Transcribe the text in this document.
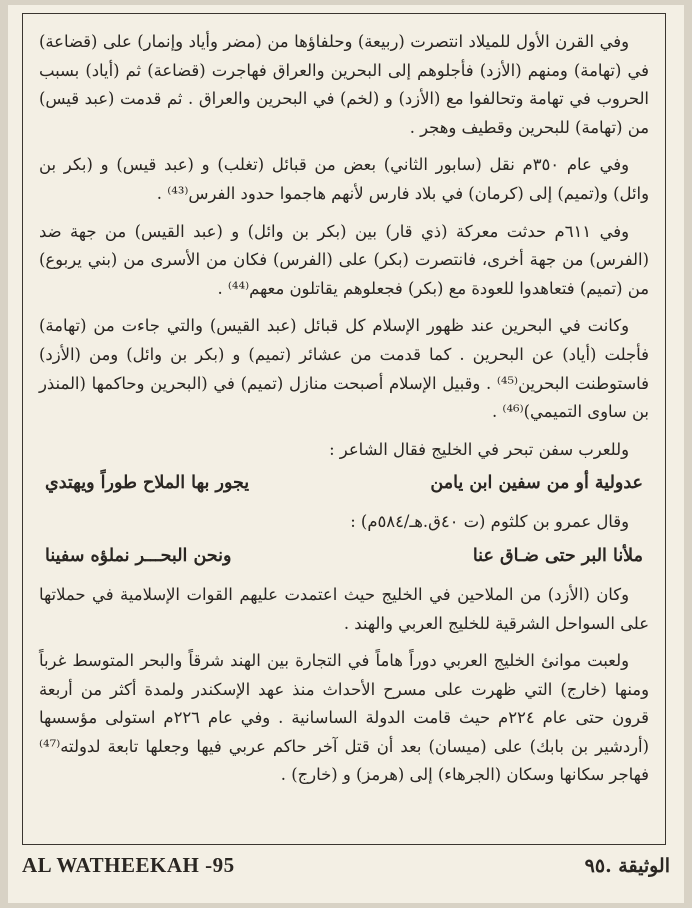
وفي القرن الأول للميلاد انتصرت (ربيعة) وحلفاؤها من (مضر وأياد وإنمار) على (قضاعة) في (تهامة) ومنهم (الأزد) فأجلوهم إلى البحرين والعراق فهاجرت (قضاعة) ثم (أياد) بسبب الحروب في تهامة وتحالفوا مع (الأزد) و (لخم) في البحرين والعراق . ثم قدمت (عبد قيس) من (تهامة) للبحرين وقطيف وهجر .

وفي عام ٣٥٠م نقل (سابور الثاني) بعض من قبائل (تغلب) و (عبد قيس) و (بكر بن وائل) و(تميم) إلى (كرمان) في بلاد فارس لأنهم هاجموا حدود الفرس⁽⁴³⁾ .

وفي ٦١١م حدثت معركة (ذي قار) بين (بكر بن وائل) و (عبد القيس) من جهة ضد (الفرس) من جهة أخرى، فانتصرت (بكر) على (الفرس) فكان من الأسرى من (بني يربوع) من (تميم) فتعاهدوا للعودة مع (بكر) فجعلوهم يقاتلون معهم⁽⁴⁴⁾ .

وكانت في البحرين عند ظهور الإسلام كل قبائل (عبد القيس) والتي جاءت من (تهامة) فأجلت (أياد) عن البحرين . كما قدمت من عشائر (تميم) و (بكر بن وائل) ومن (الأزد) فاستوطنت البحرين⁽⁴⁵⁾ . وقبيل الإسلام أصبحت منازل (تميم) في (البحرين وحاكمها (المنذر بن ساوى التميمي)⁽⁴⁶⁾ .

وللعرب سفن تبحر في الخليج فقال الشاعر :

عدولية أو من سفين ابن يامن
يجور بها الملاح طوراً ويهتدي

وقال عمرو بن كلثوم (ت ٤٠ق.هـ/٥٨٤م) :

ملأنا البر حتى ضـاق عنا
ونحن البحـــر نملؤه سفينا

وكان (الأزد) من الملاحين في الخليج حيث اعتمدت عليهم القوات الإسلامية في حملاتها على السواحل الشرقية للخليج العربي والهند .

ولعبت موانئ الخليج العربي دوراً هاماً في التجارة بين الهند شرقاً والبحر المتوسط غرباً ومنها (خارج) التي ظهرت على مسرح الأحداث منذ عهد الإسكندر ولمدة أكثر من أربعة قرون حتى عام ٢٢٤م حيث قامت الدولة الساسانية . وفي عام ٢٢٦م استولى مؤسسها (أردشير بن بابك) على (ميسان) بعد أن قتل آخر حاكم عربي فيها وجعلها تابعة لدولته⁽⁴⁷⁾ فهاجر سكانها وسكان (الجرهاء) إلى (هرمز) و (خارج) .

AL WATHEEKAH -95	الوثيقة .٩٥
